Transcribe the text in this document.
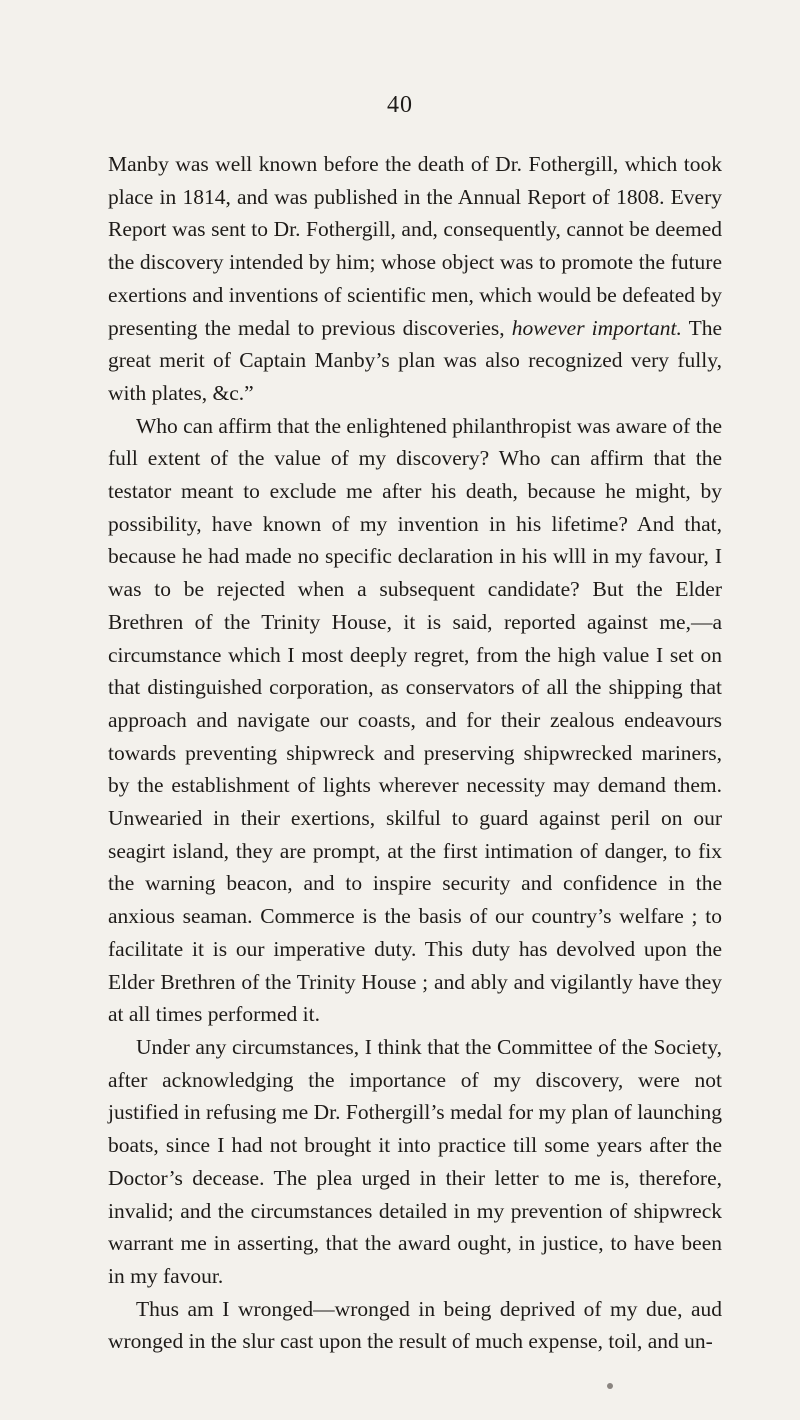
40

Manby was well known before the death of Dr. Fothergill, which took place in 1814, and was published in the Annual Report of 1808. Every Report was sent to Dr. Fothergill, and, consequently, cannot be deemed the discovery intended by him; whose object was to promote the future exertions and inventions of scientific men, which would be defeated by presenting the medal to previous discoveries, however important. The great merit of Captain Manby’s plan was also recognized very fully, with plates, &c.”

Who can affirm that the enlightened philanthropist was aware of the full extent of the value of my discovery? Who can affirm that the testator meant to exclude me after his death, because he might, by possibility, have known of my invention in his lifetime? And that, because he had made no specific declaration in his wlll in my favour, I was to be rejected when a subsequent candidate? But the Elder Brethren of the Trinity House, it is said, reported against me,—a circumstance which I most deeply regret, from the high value I set on that distinguished corporation, as conservators of all the shipping that approach and navigate our coasts, and for their zealous endeavours towards preventing shipwreck and preserving shipwrecked mariners, by the establishment of lights wherever necessity may demand them. Unwearied in their exertions, skilful to guard against peril on our seagirt island, they are prompt, at the first intimation of danger, to fix the warning beacon, and to inspire security and confidence in the anxious seaman. Commerce is the basis of our country’s welfare ; to facilitate it is our imperative duty. This duty has devolved upon the Elder Brethren of the Trinity House ; and ably and vigilantly have they at all times performed it.

Under any circumstances, I think that the Committee of the Society, after acknowledging the importance of my discovery, were not justified in refusing me Dr. Fothergill’s medal for my plan of launching boats, since I had not brought it into practice till some years after the Doctor’s decease. The plea urged in their letter to me is, therefore, invalid; and the circumstances detailed in my prevention of shipwreck warrant me in asserting, that the award ought, in justice, to have been in my favour.

Thus am I wronged—wronged in being deprived of my due, aud wronged in the slur cast upon the result of much expense, toil, and un-
